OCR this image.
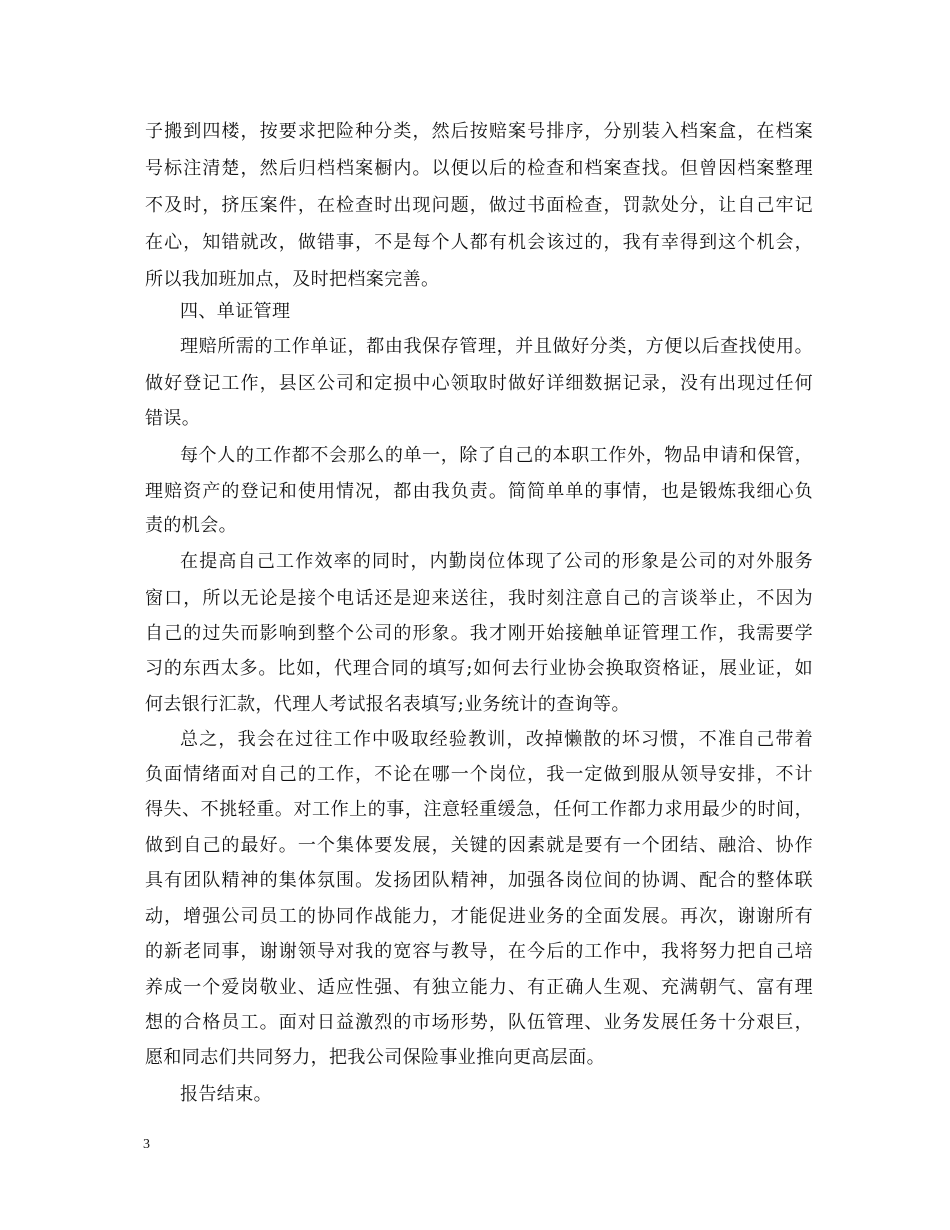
子搬到四楼，按要求把险种分类，然后按赔案号排序，分别装入档案盒，在档案
号标注清楚，然后归档档案橱内。以便以后的检查和档案查找。但曾因档案整理
不及时，挤压案件，在检查时出现问题，做过书面检查，罚款处分，让自己牢记
在心，知错就改，做错事，不是每个人都有机会该过的，我有幸得到这个机会，
所以我加班加点，及时把档案完善。
四、单证管理
理赔所需的工作单证，都由我保存管理，并且做好分类，方便以后查找使用。
做好登记工作，县区公司和定损中心领取时做好详细数据记录，没有出现过任何
错误。
每个人的工作都不会那么的单一，除了自己的本职工作外，物品申请和保管，
理赔资产的登记和使用情况，都由我负责。简简单单的事情，也是锻炼我细心负
责的机会。
在提高自己工作效率的同时，内勤岗位体现了公司的形象是公司的对外服务
窗口，所以无论是接个电话还是迎来送往，我时刻注意自己的言谈举止，不因为
自己的过失而影响到整个公司的形象。我才刚开始接触单证管理工作，我需要学
习的东西太多。比如，代理合同的填写;如何去行业协会换取资格证，展业证，如
何去银行汇款，代理人考试报名表填写;业务统计的查询等。
总之，我会在过往工作中吸取经验教训，改掉懒散的坏习惯，不准自己带着
负面情绪面对自己的工作，不论在哪一个岗位，我一定做到服从领导安排，不计
得失、不挑轻重。对工作上的事，注意轻重缓急，任何工作都力求用最少的时间，
做到自己的最好。一个集体要发展，关键的因素就是要有一个团结、融洽、协作
具有团队精神的集体氛围。发扬团队精神，加强各岗位间的协调、配合的整体联
动，增强公司员工的协同作战能力，才能促进业务的全面发展。再次，谢谢所有
的新老同事，谢谢领导对我的宽容与教导，在今后的工作中，我将努力把自己培
养成一个爱岗敬业、适应性强、有独立能力、有正确人生观、充满朝气、富有理
想的合格员工。面对日益激烈的市场形势，队伍管理、业务发展任务十分艰巨，
愿和同志们共同努力，把我公司保险事业推向更高层面。
报告结束。
3
